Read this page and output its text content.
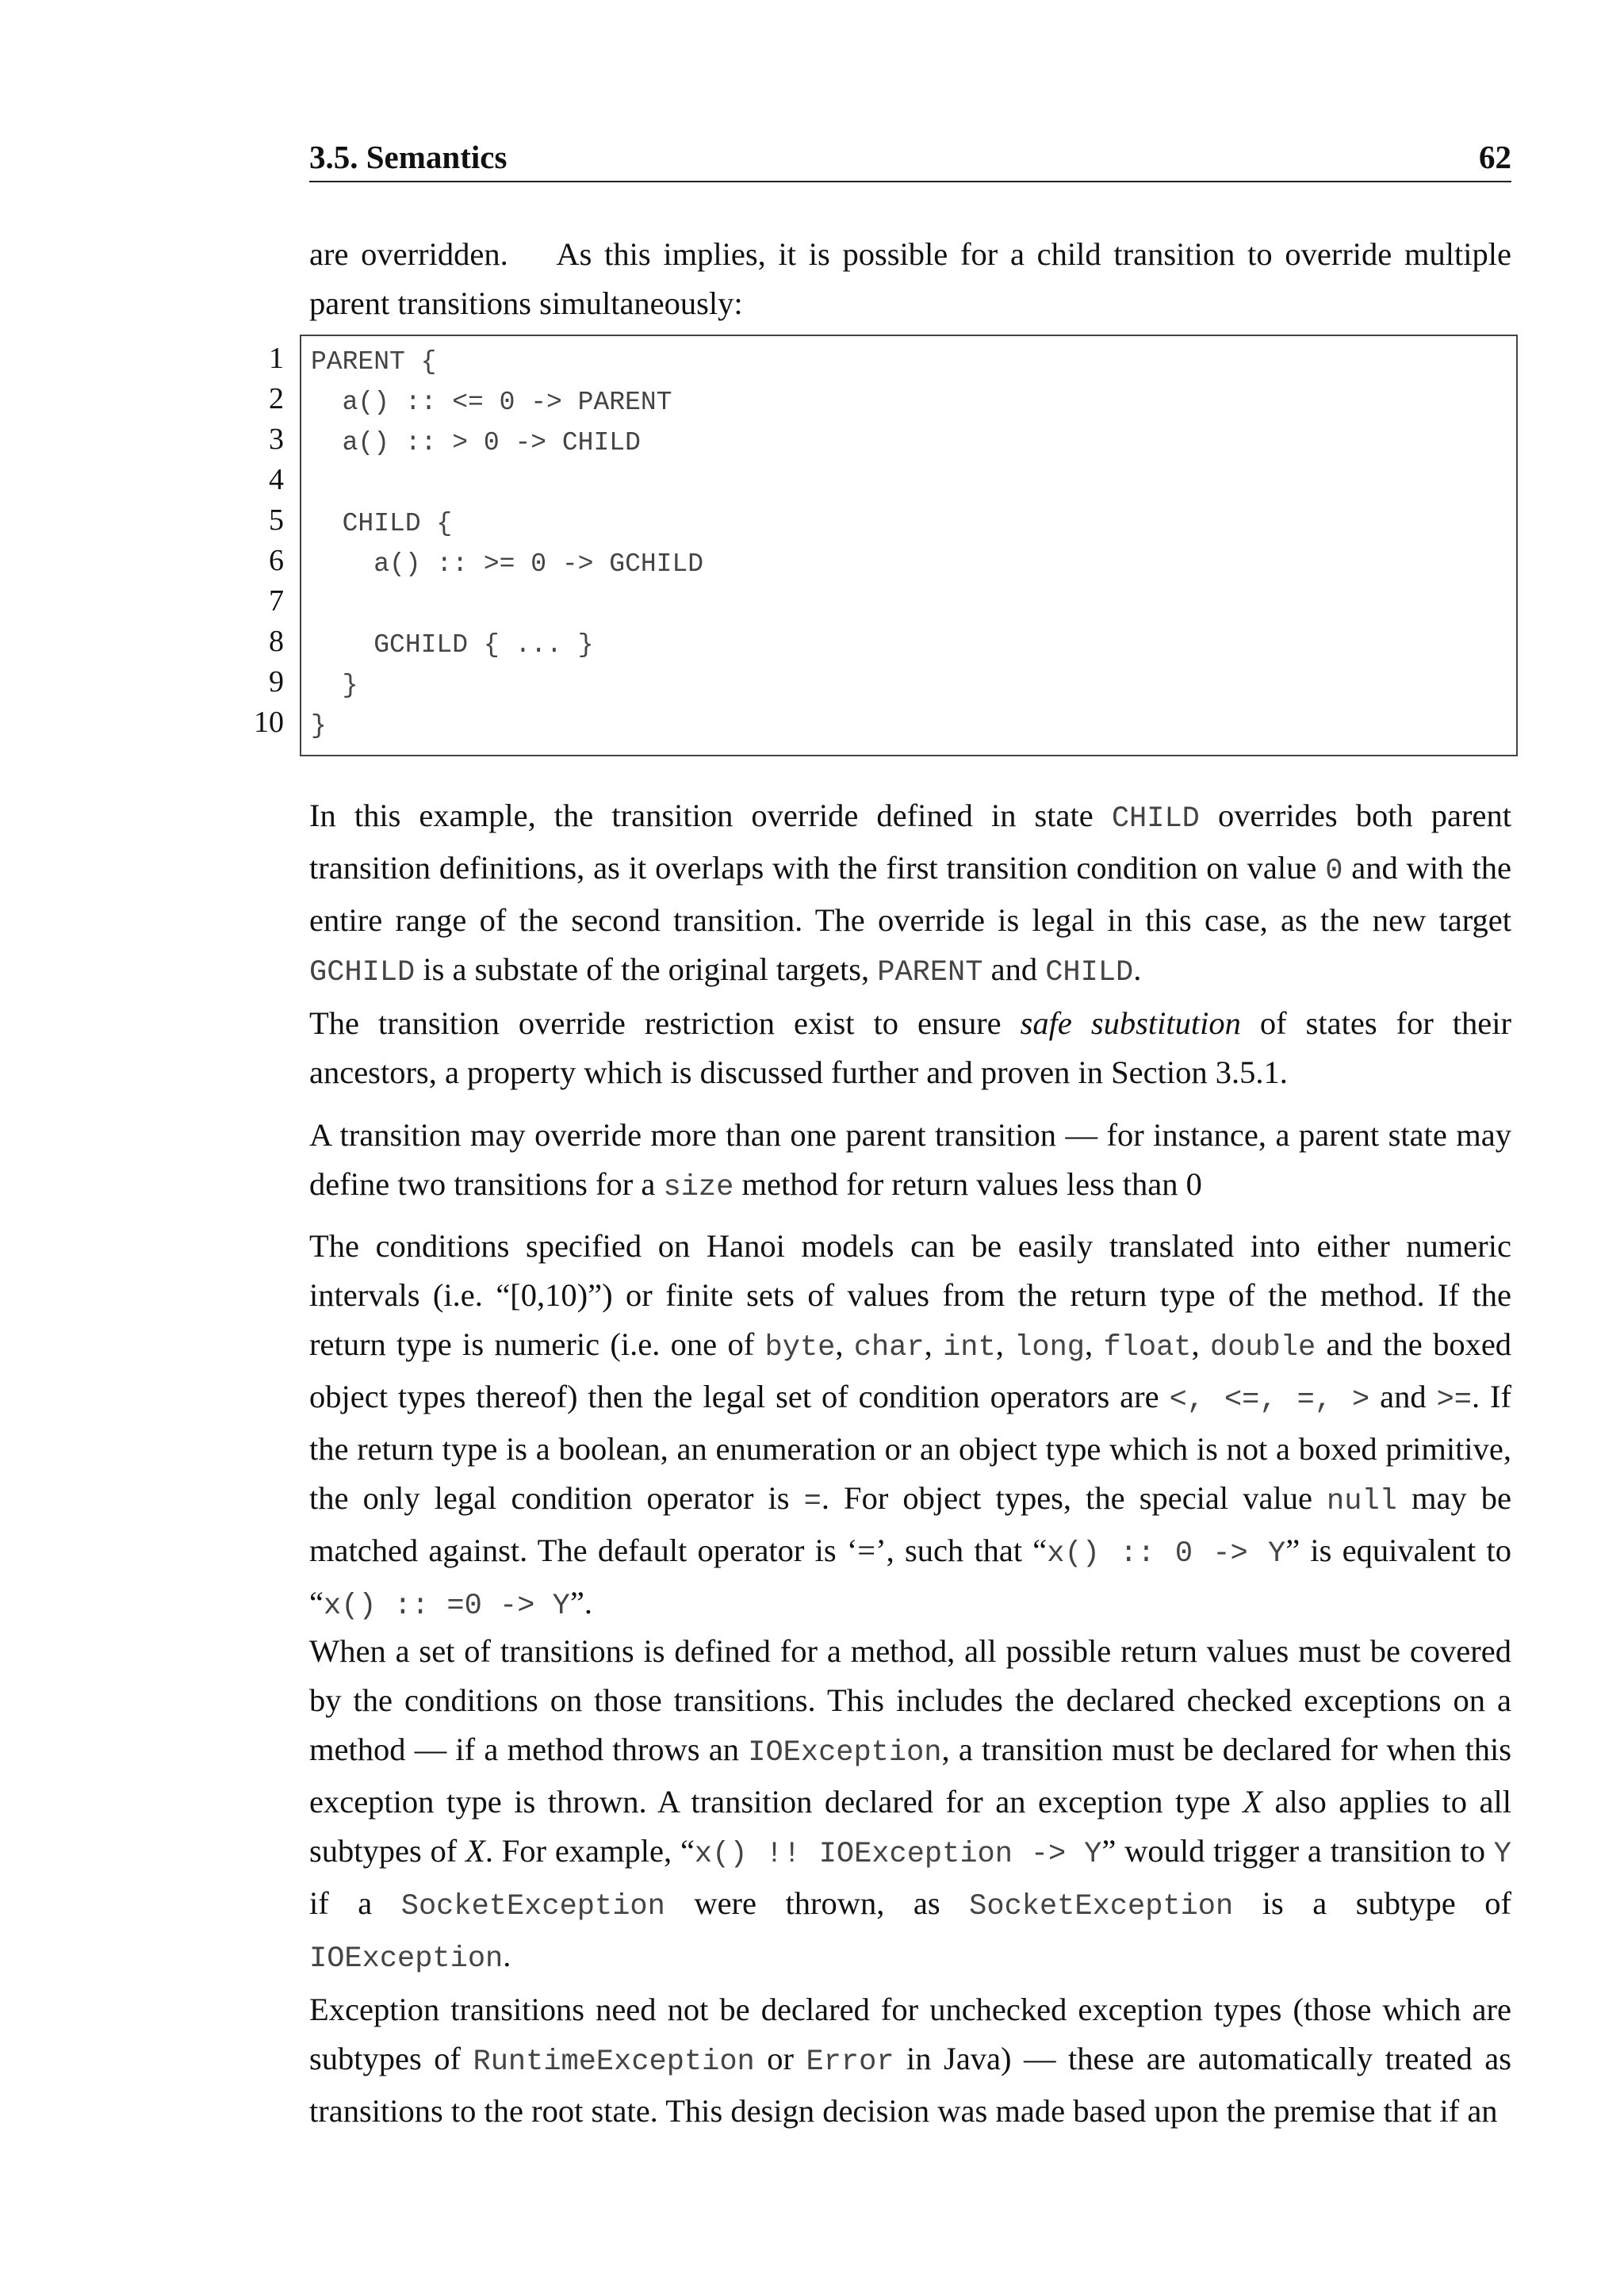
3.5. Semantics	62
are overridden.    As this implies, it is possible for a child transition to override multiple
parent transitions simultaneously:
1
2
3
4
5
6
7
8
9
10
PARENT {
a() :: <= 0 -> PARENT
a() :: > 0 -> CHILD
CHILD {
a() :: >= 0 -> GCHILD
GCHILD { ... }
}
}
In this example, the transition override defined in state CHILD overrides both parent transition definitions, as it overlaps with the first transition condition on value 0 and with the entire range of the second transition. The override is legal in this case, as the new target GCHILD is a substate of the original targets, PARENT and CHILD.
The transition override restriction exist to ensure safe substitution of states for their ancestors, a property which is discussed further and proven in Section 3.5.1.
A transition may override more than one parent transition — for instance, a parent state may define two transitions for a size method for return values less than 0
The conditions specified on Hanoi models can be easily translated into either numeric intervals (i.e. “[0,10)”) or finite sets of values from the return type of the method. If the return type is numeric (i.e. one of byte, char, int, long, float, double and the boxed object types thereof) then the legal set of condition operators are <, <=, =, > and >=. If the return type is a boolean, an enumeration or an object type which is not a boxed primitive, the only legal condition operator is =. For object types, the special value null may be matched against. The default operator is ‘=’, such that “x() :: 0 -> Y” is equivalent to “x() :: =0 -> Y”.
When a set of transitions is defined for a method, all possible return values must be covered by the conditions on those transitions. This includes the declared checked exceptions on a method — if a method throws an IOException, a transition must be declared for when this exception type is thrown. A transition declared for an exception type X also applies to all subtypes of X. For example, “x() !! IOException -> Y” would trigger a transition to Y if a SocketException were thrown, as SocketException is a subtype of IOException.
Exception transitions need not be declared for unchecked exception types (those which are subtypes of RuntimeException or Error in Java) — these are automatically treated as transitions to the root state. This design decision was made based upon the premise that if an
